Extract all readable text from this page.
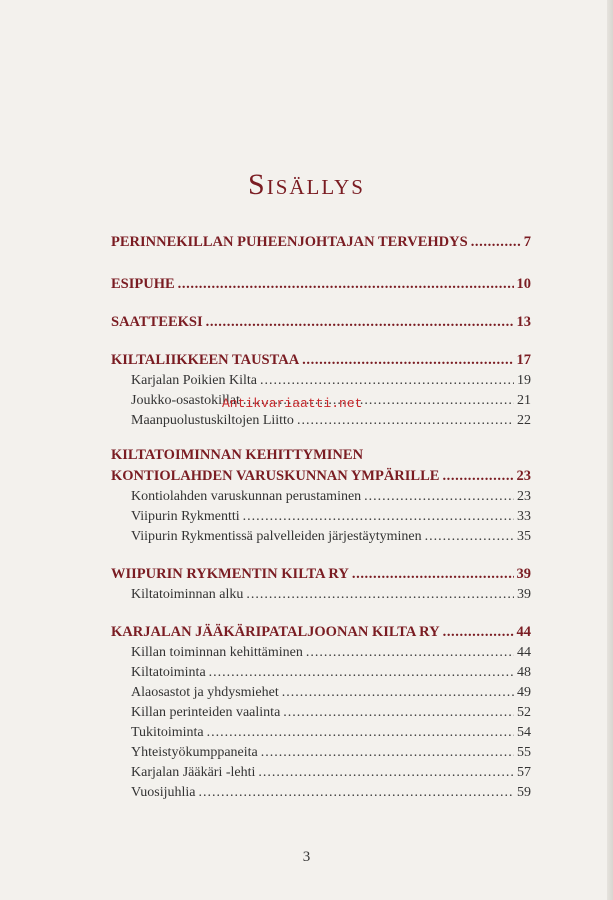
Sisällys
PERINNEKILLAN PUHEENJOHTAJAN TERVEHDYS .....	7
ESIPUHE .....	10
SAATTEEKSI .....	13
KILTALIIKKEEN TAUSTAA .....	17
Karjalan Poikien Kilta .....	19
Joukko-osastokillat .....	21
Maanpuolustuskiltojen Liitto .....	22
KILTATOIMINNAN KEHITTYMINEN
KONTIOLAHDEN VARUSKUNNAN YMPÄRILLE .....	23
Kontiolahden varuskunnan perustaminen .....	23
Viipurin Rykmentti .....	33
Viipurin Rykmentissä palvelleiden järjestäytyminen .....	35
WIIPURIN RYKMENTIN KILTA RY .....	39
Kiltatoiminnan alku .....	39
KARJALAN JÄÄKÄRIPATALJOONAN KILTA RY .....	44
Killan toiminnan kehittäminen .....	44
Kiltatoiminta .....	48
Alaosastot ja yhdysmiehet .....	49
Killan perinteiden vaalinta .....	52
Tukitoiminta .....	54
Yhteistyökumppaneita .....	55
Karjalan Jääkäri -lehti .....	57
Vuosijuhlia .....	59
Antikvariaatti.net
3
